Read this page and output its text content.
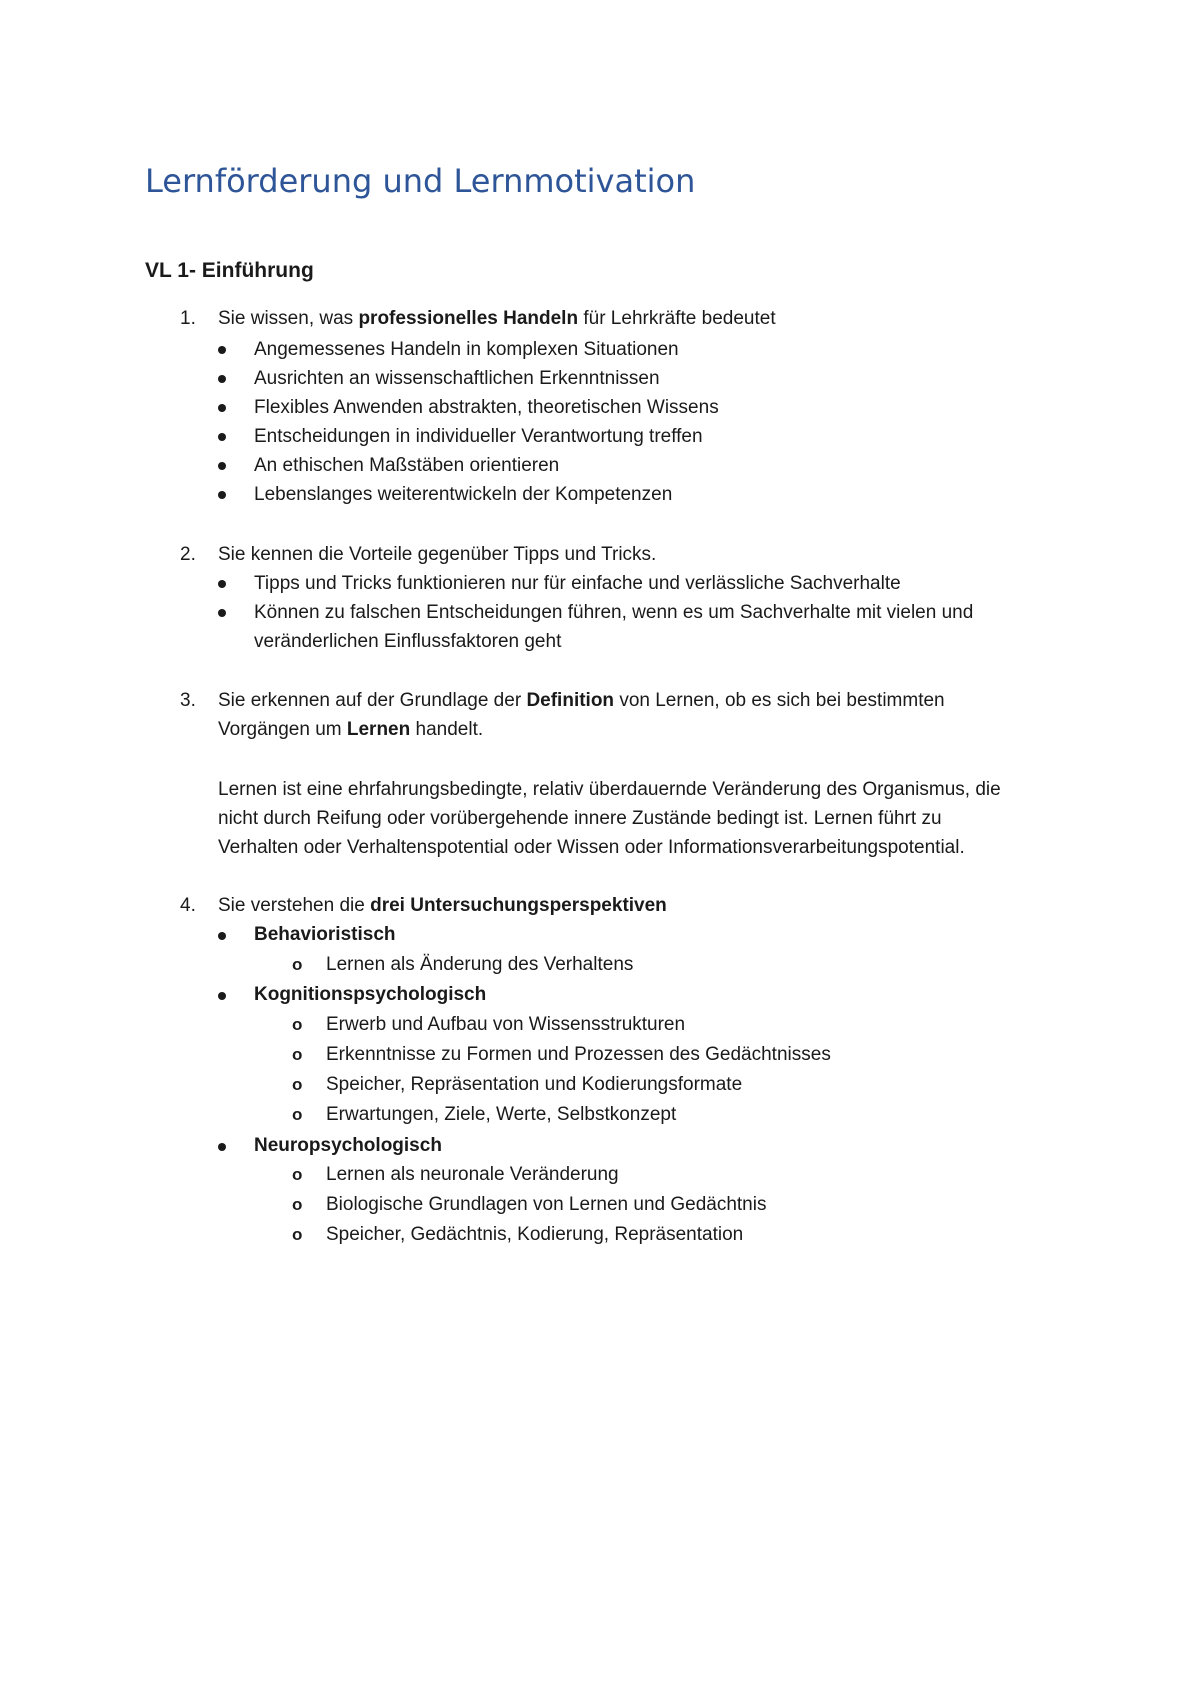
Lernförderung und Lernmotivation
VL 1- Einführung
1. Sie wissen, was professionelles Handeln für Lehrkräfte bedeutet
Angemessenes Handeln in komplexen Situationen
Ausrichten an wissenschaftlichen Erkenntnissen
Flexibles Anwenden abstrakten, theoretischen Wissens
Entscheidungen in individueller Verantwortung treffen
An ethischen Maßstäben orientieren
Lebenslanges weiterentwickeln der Kompetenzen
2. Sie kennen die Vorteile gegenüber Tipps und Tricks.
Tipps und Tricks funktionieren nur für einfache und verlässliche Sachverhalte
Können zu falschen Entscheidungen führen, wenn es um Sachverhalte mit vielen und
veränderlichen Einflussfaktoren geht
3. Sie erkennen auf der Grundlage der Definition von Lernen, ob es sich bei bestimmten
Vorgängen um Lernen handelt.
Lernen ist eine ehrfahrungsbedingte, relativ überdauernde Veränderung des Organismus, die
nicht durch Reifung oder vorübergehende innere Zustände bedingt ist. Lernen führt zu
Verhalten oder Verhaltenspotential oder Wissen oder Informationsverarbeitungspotential.
4. Sie verstehen die drei Untersuchungsperspektiven
Behavioristisch
o Lernen als Änderung des Verhaltens
Kognitionspsychologisch
o Erwerb und Aufbau von Wissensstrukturen
o Erkenntnisse zu Formen und Prozessen des Gedächtnisses
o Speicher, Repräsentation und Kodierungsformate
o Erwartungen, Ziele, Werte, Selbstkonzept
Neuropsychologisch
o Lernen als neuronale Veränderung
o Biologische Grundlagen von Lernen und Gedächtnis
o Speicher, Gedächtnis, Kodierung, Repräsentation
